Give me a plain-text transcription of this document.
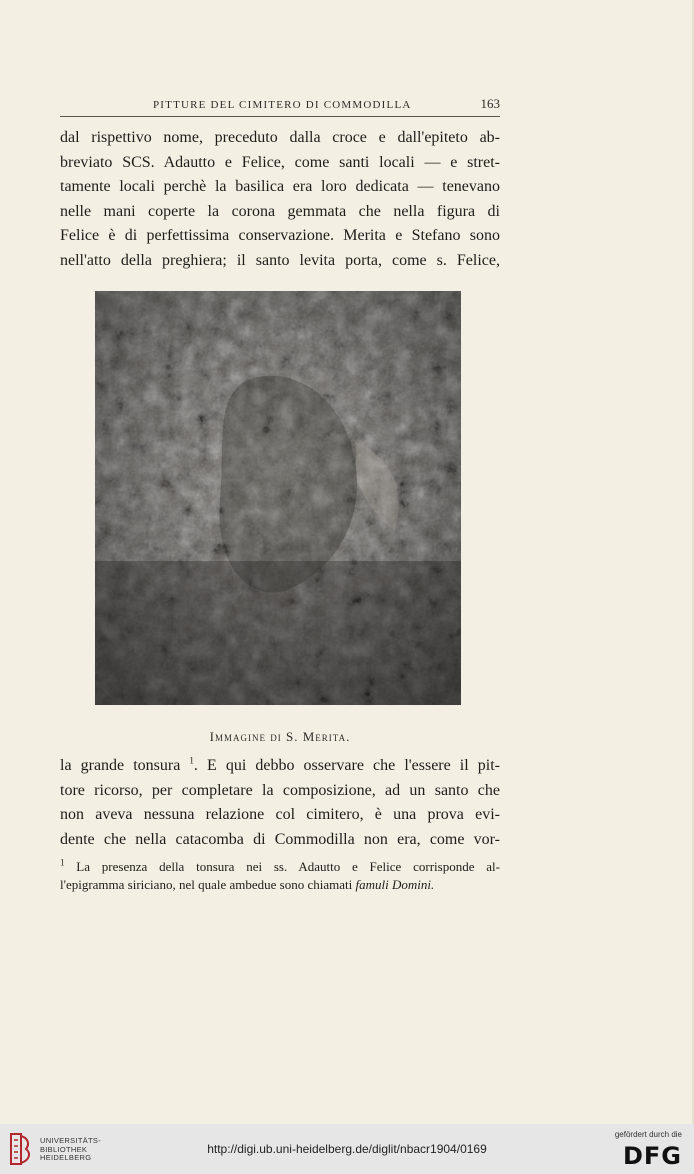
PITTURE DEL CIMITERO DI COMMODILLA	163
dal rispettivo nome, preceduto dalla croce e dall'epiteto ab-
breviato SCS. Adautto e Felice, come santi locali — e stret-
tamente locali perchè la basilica era loro dedicata — tenevano
nelle mani coperte la corona gemmata che nella figura di
Felice è di perfettissima conservazione. Merita e Stefano sono
nell'atto della preghiera; il santo levita porta, come s. Felice,
Immagine di S. Merita.
la grande tonsura $^1$. E qui debbo osservare che l'essere il pit-
tore ricorso, per completare la composizione, ad un santo che
non aveva nessuna relazione col cimitero, è una prova evi-
dente che nella catacomba di Commodilla non era, come vor-
$^1$ La presenza della tonsura nei ss. Adautto e Felice corrisponde al-
l'epigramma siriciano, nel quale ambedue sono chiamati famuli Domini.
UNIVERSITÄTS-
BIBLIOTHEK
HEIDELBERG
http://digi.ub.uni-heidelberg.de/diglit/nbacr1904/0169
gefördert durch die
DFG
